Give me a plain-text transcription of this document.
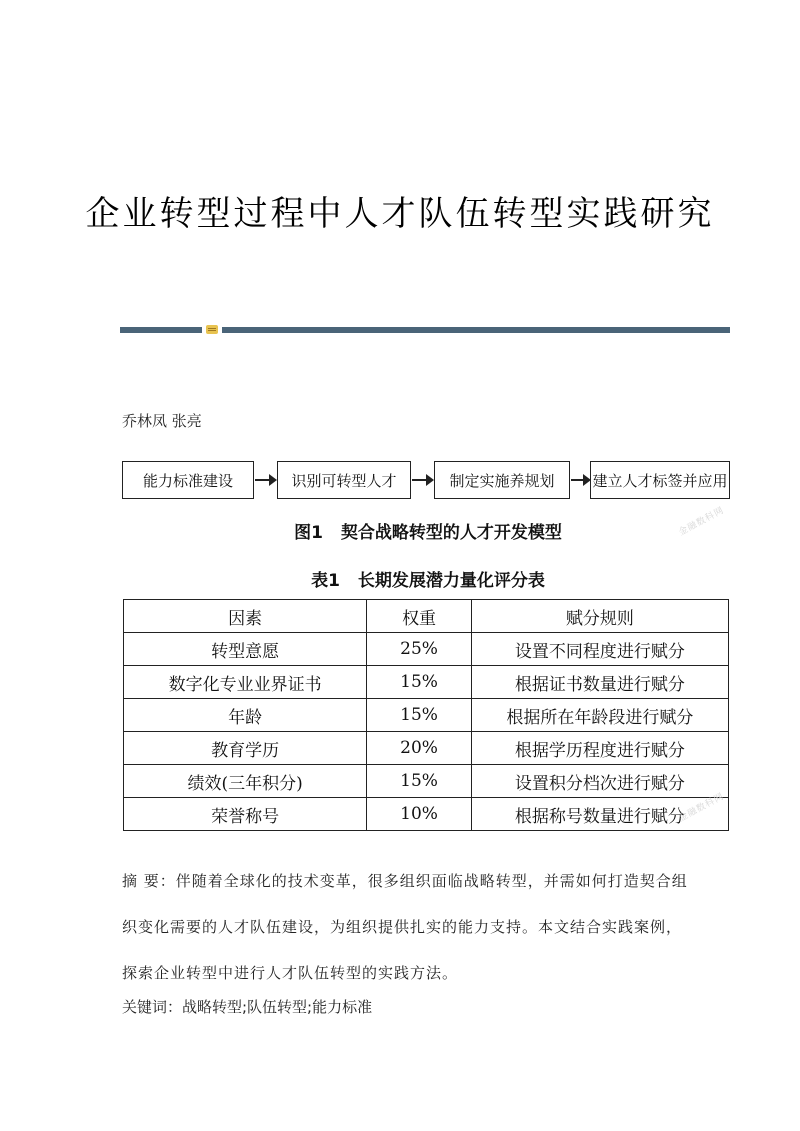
企业转型过程中人才队伍转型实践研究
乔林凤 张亮
能力标准建设	识别可转型人才	制定实施养规划	建立人才标签并应用
图1 契合战略转型的人才开发模型
表1 长期发展潜力量化评分表
因素	权重	赋分规则
转型意愿	25%	设置不同程度进行赋分
数字化专业业界证书	15%	根据证书数量进行赋分
年龄	15%	根据所在年龄段进行赋分
教育学历	20%	根据学历程度进行赋分
绩效(三年积分)	15%	设置积分档次进行赋分
荣誉称号	10%	根据称号数量进行赋分
金融数科网
金融数科网

摘 要：伴随着全球化的技术变革，很多组织面临战略转型，并需如何打造契合组织变化需要的人才队伍建设，为组织提供扎实的能力支持。本文结合实践案例，探索企业转型中进行人才队伍转型的实践方法。

关键词：战略转型;队伍转型;能力标准
